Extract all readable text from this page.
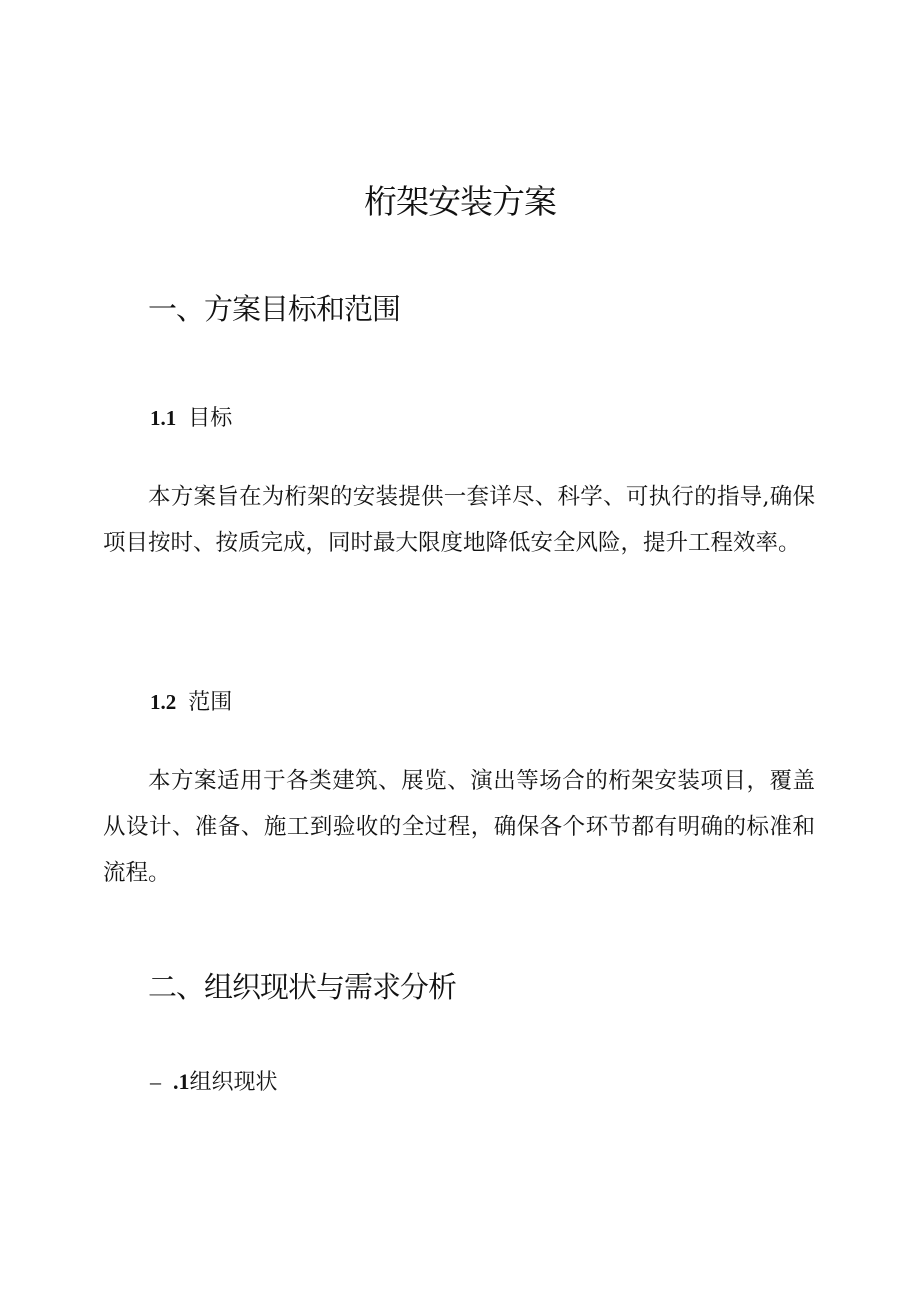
桁架安装方案
一、方案目标和范围
1.1 目标

本方案旨在为桁架的安装提供一套详尽、科学、可执行的指导,确保项目按时、按质完成，同时最大限度地降低安全风险，提升工程效率。

1.2 范围

本方案适用于各类建筑、展览、演出等场合的桁架安装项目，覆盖从设计、准备、施工到验收的全过程，确保各个环节都有明确的标准和流程。

二、组织现状与需求分析
– .1组织现状
